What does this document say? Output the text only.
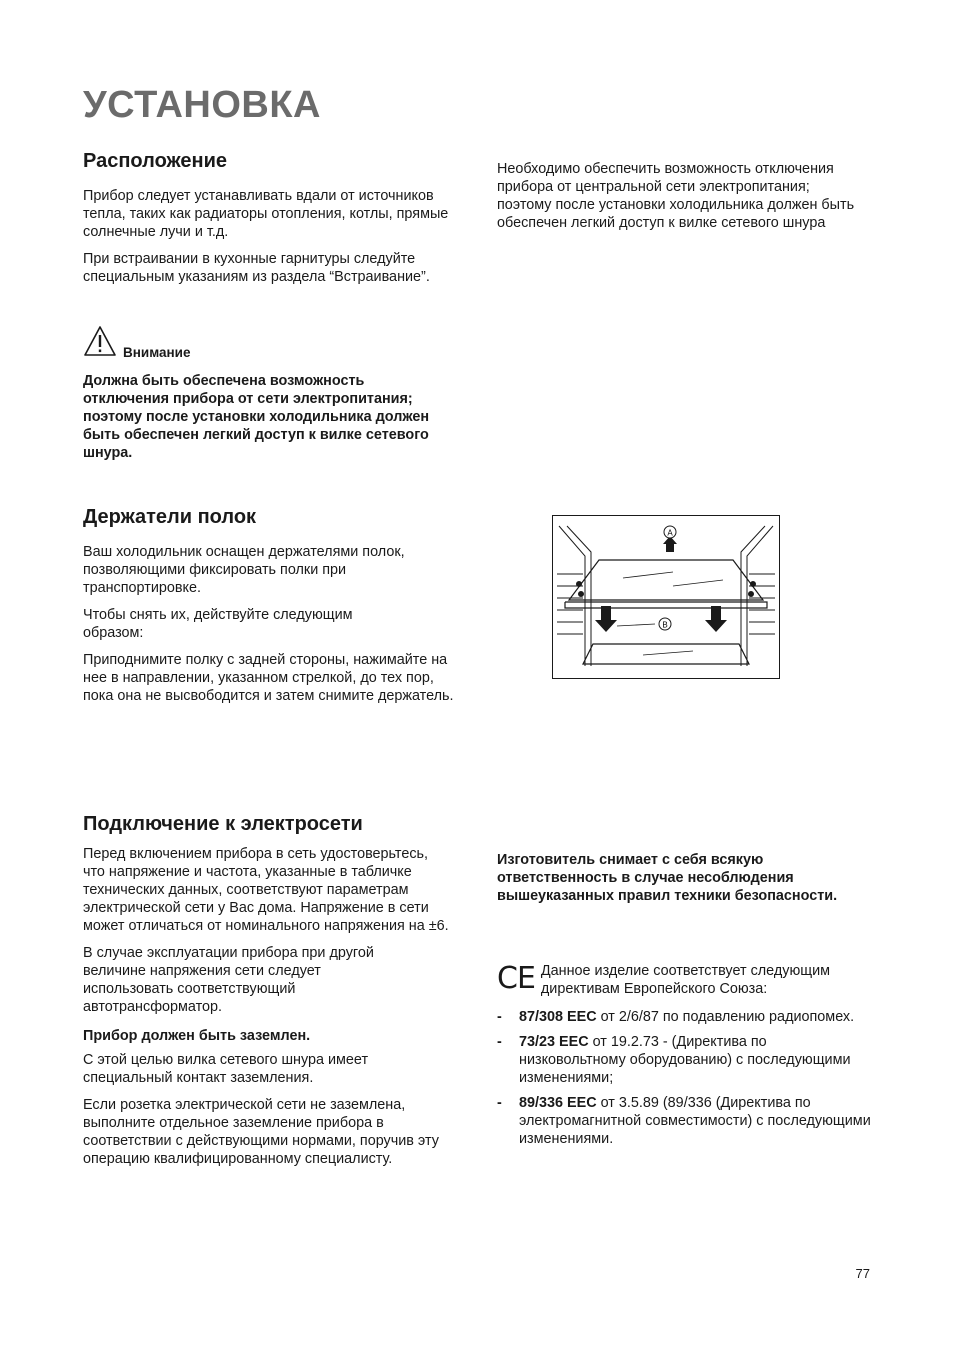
УСТАНОВКА
Расположение

Прибор следует устанавливать вдали от источников тепла, таких как радиаторы отопления, котлы, прямые солнечные лучи и т.д.

При встраивании в кухонные гарнитуры следуйте специальным указаниям из раздела “Встраивание”.

Внимание

Должна быть обеспечена возможность отключения прибора от сети электропитания; поэтому после установки холодильника должен быть обеспечен легкий доступ к вилке сетевого шнура.

Необходимо обеспечить возможность отключения прибора от центральной сети электропитания; поэтому после установки холодильника должен быть обеспечен легкий доступ к вилке сетевого шнура

Держатели полок

Ваш холодильник оснащен держателями полок, позволяющими фиксировать полки при транспортировке.

Чтобы снять их, действуйте следующим образом:

Приподнимите полку с задней стороны, нажимайте на нее в направлении, указанном стрелкой, до тех пор, пока она не высвободится и затем снимите держатель.

A
B
Подключение к электросети

Перед включением прибора в сеть удостоверьтесь, что напряжение и частота, указанные в табличке технических данных, соответствуют параметрам электрической сети у Вас дома. Напряжение в сети может отличаться от номинального напряжения на ±6.

В случае эксплуатации прибора при другой величине напряжения сети следует использовать соответствующий автотрансформатор.

Прибор должен быть заземлен.

С этой целью вилка сетевого шнура имеет специальный контакт заземления.

Если розетка электрической сети не заземлена, выполните отдельное заземление прибора в соответствии с действующими нормами, поручив эту операцию квалифицированному специалисту.

Изготовитель снимает с себя всякую ответственность в случае несоблюдения вышеуказанных правил техники безопасности.

CE Данное изделие соответствует следующим директивам Европейского Союза:

- 87/308 EEC от 2/6/87 по подавлению радиопомех.
- 73/23 EEC от 19.2.73 - (Директива по низковольтному оборудованию) с последующими изменениями;
- 89/336 EEC от 3.5.89 (89/336 (Директива по электромагнитной совместимости) с последующими изменениями.
77
